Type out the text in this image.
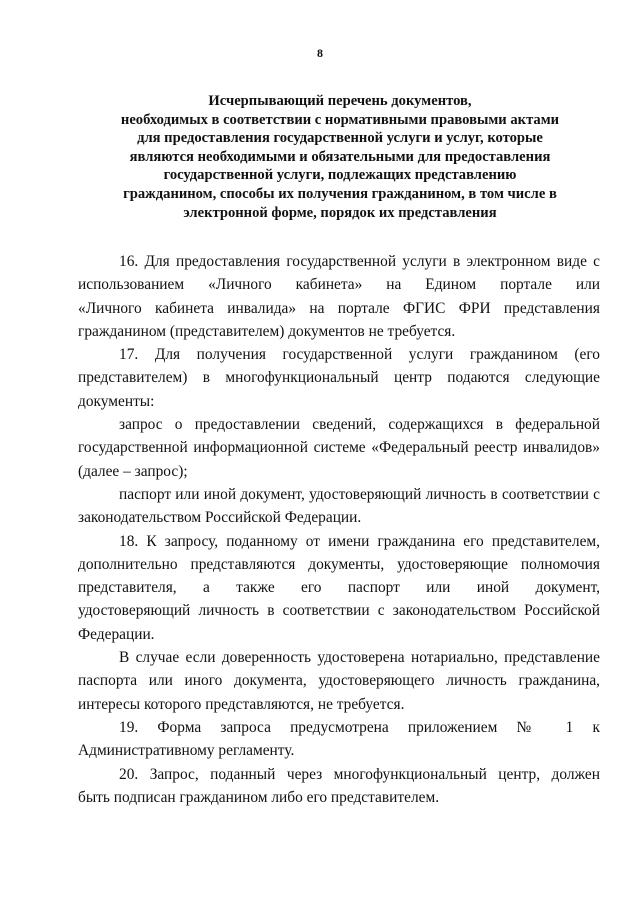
8
Исчерпывающий перечень документов,
необходимых в соответствии с нормативными правовыми актами
для предоставления государственной услуги и услуг, которые
являются необходимыми и обязательными для предоставления
государственной услуги, подлежащих представлению
гражданином, способы их получения гражданином, в том числе в
электронной форме, порядок их представления

16. Для предоставления государственной услуги в электронном виде с
использованием «Личного кабинета» на Едином портале или
«Личного кабинета инвалида» на портале ФГИС ФРИ представления
гражданином (представителем) документов не требуется.

17. Для получения государственной услуги гражданином (его
представителем) в многофункциональный центр подаются следующие
документы:

запрос о предоставлении сведений, содержащихся в федеральной
государственной информационной системе «Федеральный реестр инвалидов»
(далее – запрос);

паспорт или иной документ, удостоверяющий личность в соответствии с
законодательством Российской Федерации.

18. К запросу, поданному от имени гражданина его представителем,
дополнительно представляются документы, удостоверяющие полномочия
представителя, а также его паспорт или иной документ,
удостоверяющий личность в соответствии с законодательством Российской
Федерации.

В случае если доверенность удостоверена нотариально, представление
паспорта или иного документа, удостоверяющего личность гражданина,
интересы которого представляются, не требуется.

19. Форма запроса предусмотрена приложением № 1 к
Административному регламенту.

20. Запрос, поданный через многофункциональный центр, должен
быть подписан гражданином либо его представителем.
